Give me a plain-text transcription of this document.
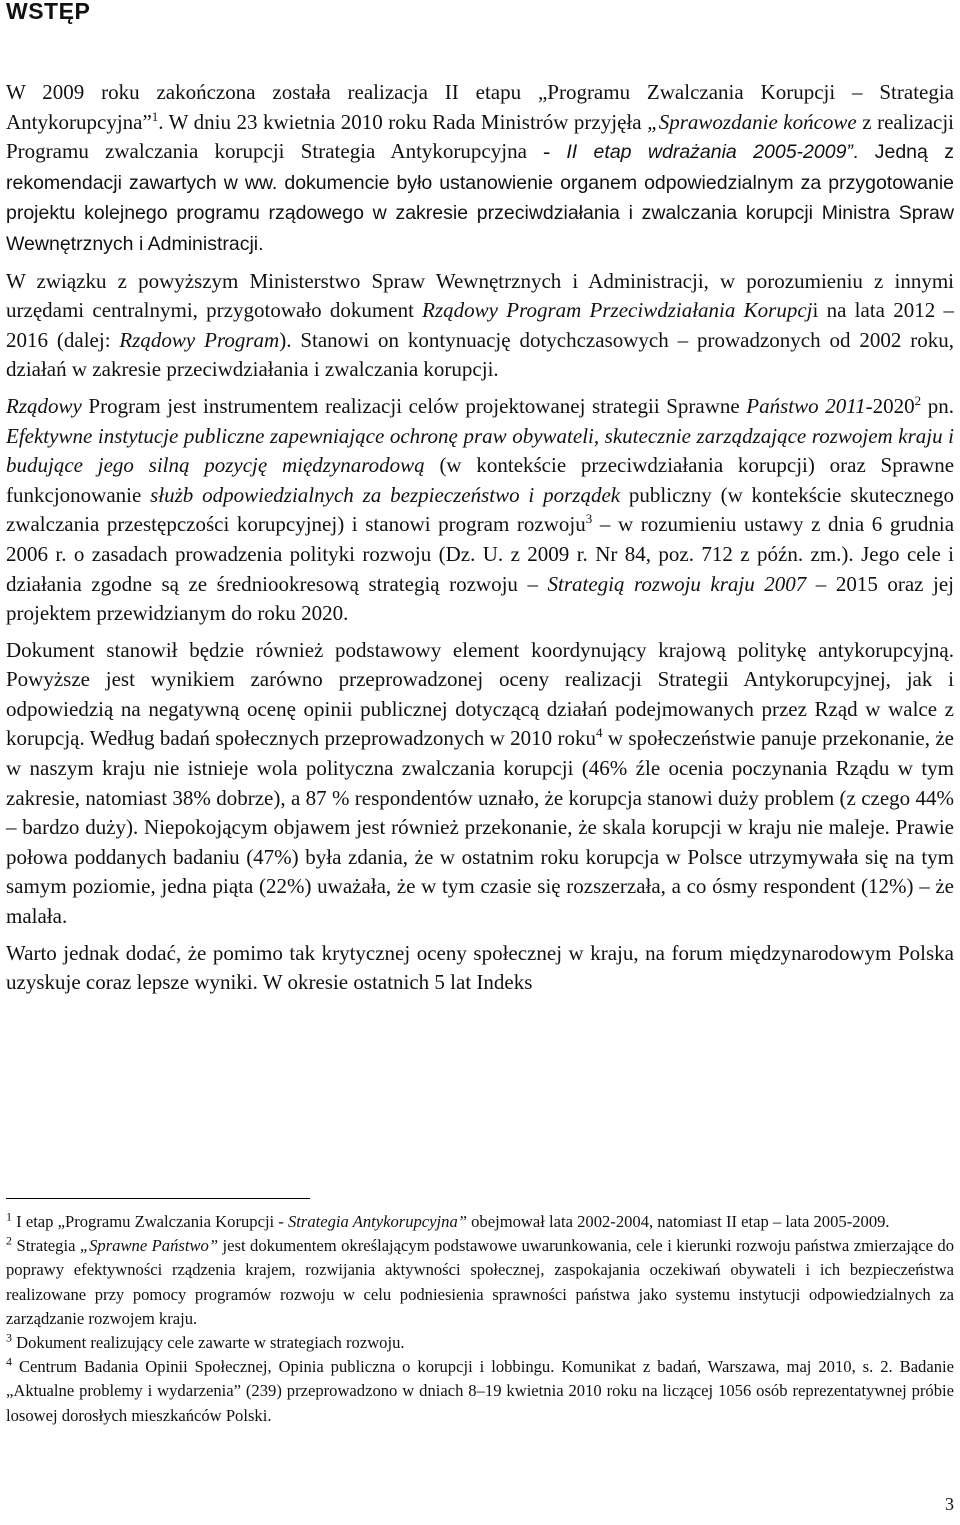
WSTĘP

W 2009 roku zakończona została realizacja II etapu „Programu Zwalczania Korupcji – Strategia Antykorupcyjna”$^1$. W dniu 23 kwietnia 2010 roku Rada Ministrów przyjęła „Sprawozdanie końcowe z realizacji Programu zwalczania korupcji Strategia Antykorupcyjna - II etap wdrażania 2005-2009”. Jedną z rekomendacji zawartych w ww. dokumencie było ustanowienie organem odpowiedzialnym za przygotowanie projektu kolejnego programu rządowego w zakresie przeciwdziałania i zwalczania korupcji Ministra Spraw Wewnętrznych i Administracji.

W związku z powyższym Ministerstwo Spraw Wewnętrznych i Administracji, w porozumieniu z innymi urzędami centralnymi, przygotowało dokument Rządowy Program Przeciwdziałania Korupcji na lata 2012 – 2016 (dalej: Rządowy Program). Stanowi on kontynuację dotychczasowych – prowadzonych od 2002 roku, działań w zakresie przeciwdziałania i zwalczania korupcji.

Rządowy Program jest instrumentem realizacji celów projektowanej strategii Sprawne Państwo 2011-2020$^2$ pn. Efektywne instytucje publiczne zapewniające ochronę praw obywateli, skutecznie zarządzające rozwojem kraju i budujące jego silną pozycję międzynarodową (w kontekście przeciwdziałania korupcji) oraz Sprawne funkcjonowanie służb odpowiedzialnych za bezpieczeństwo i porządek publiczny (w kontekście skutecznego zwalczania przestępczości korupcyjnej) i stanowi program rozwoju$^3$ – w rozumieniu ustawy z dnia 6 grudnia 2006 r. o zasadach prowadzenia polityki rozwoju (Dz. U. z 2009 r. Nr 84, poz. 712 z późn. zm.). Jego cele i działania zgodne są ze średniookresową strategią rozwoju – Strategią rozwoju kraju 2007 – 2015 oraz jej projektem przewidzianym do roku 2020.

Dokument stanowił będzie również podstawowy element koordynujący krajową politykę antykorupcyjną. Powyższe jest wynikiem zarówno przeprowadzonej oceny realizacji Strategii Antykorupcyjnej, jak i odpowiedzią na negatywną ocenę opinii publicznej dotyczącą działań podejmowanych przez Rząd w walce z korupcją. Według badań społecznych przeprowadzonych w 2010 roku$^4$ w społeczeństwie panuje przekonanie, że w naszym kraju nie istnieje wola polityczna zwalczania korupcji (46% źle ocenia poczynania Rządu w tym zakresie, natomiast 38% dobrze), a 87 % respondentów uznało, że korupcja stanowi duży problem (z czego 44% – bardzo duży). Niepokojącym objawem jest również przekonanie, że skala korupcji w kraju nie maleje. Prawie połowa poddanych badaniu (47%) była zdania, że w ostatnim roku korupcja w Polsce utrzymywała się na tym samym poziomie, jedna piąta (22%) uważała, że w tym czasie się rozszerzała, a co ósmy respondent (12%) – że malała.

Warto jednak dodać, że pomimo tak krytycznej oceny społecznej w kraju, na forum międzynarodowym Polska uzyskuje coraz lepsze wyniki. W okresie ostatnich 5 lat Indeks

$^1$ I etap „Programu Zwalczania Korupcji - Strategia Antykorupcyjna” obejmował lata 2002-2004, natomiast II etap – lata 2005-2009.

$^2$ Strategia „Sprawne Państwo” jest dokumentem określającym podstawowe uwarunkowania, cele i kierunki rozwoju państwa zmierzające do poprawy efektywności rządzenia krajem, rozwijania aktywności społecznej, zaspokajania oczekiwań obywateli i ich bezpieczeństwa realizowane przy pomocy programów rozwoju w celu podniesienia sprawności państwa jako systemu instytucji odpowiedzialnych za zarządzanie rozwojem kraju.

$^3$ Dokument realizujący cele zawarte w strategiach rozwoju.

$^4$ Centrum Badania Opinii Społecznej, Opinia publiczna o korupcji i lobbingu. Komunikat z badań, Warszawa, maj 2010, s. 2. Badanie „Aktualne problemy i wydarzenia” (239) przeprowadzono w dniach 8–19 kwietnia 2010 roku na liczącej 1056 osób reprezentatywnej próbie losowej dorosłych mieszkańców Polski.

3
